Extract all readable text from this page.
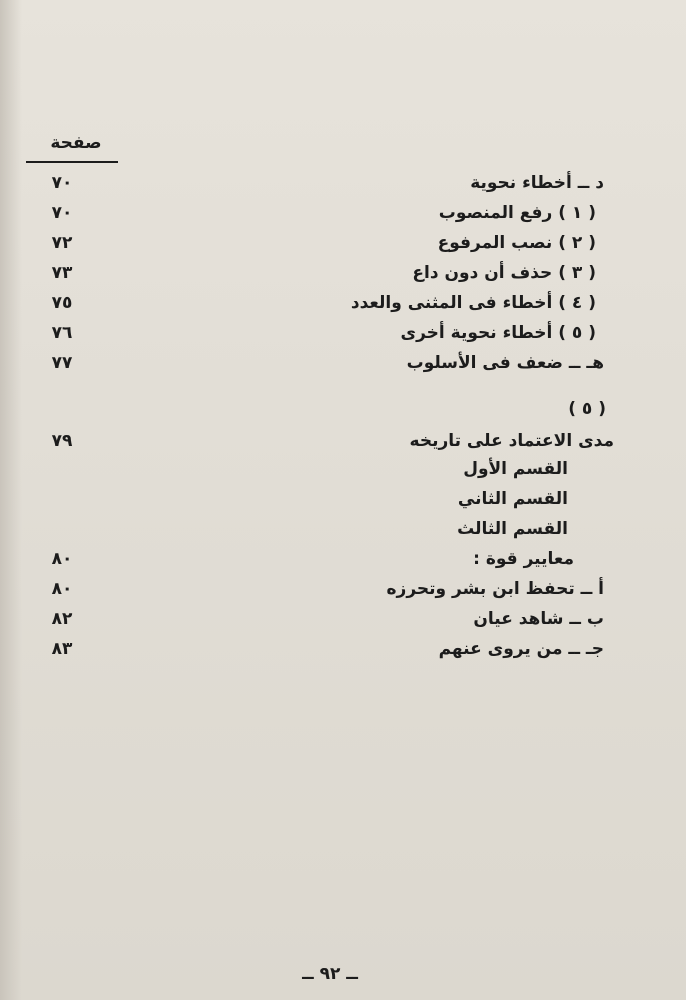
صفحة
د ــ أخطاء نحوية
٧٠
( ١ ) رفع المنصوب
٧٠
( ٢ ) نصب المرفوع
٧٢
( ٣ ) حذف أن دون داع
٧٣
( ٤ ) أخطاء فى المثنى والعدد
٧٥
( ٥ ) أخطاء نحوية أخرى
٧٦
هـ ــ ضعف فى الأسلوب
٧٧
( ٥ )
مدى الاعتماد على تاريخه
٧٩
القسم الأول
القسم الثاني
القسم الثالث
معايير قوة :
٨٠
أ ــ تحفظ ابن بشر وتحرزه
٨٠
ب ــ شاهد عيان
٨٢
جـ ــ من يروى عنهم
٨٣
ــ ٩٢ ــ
